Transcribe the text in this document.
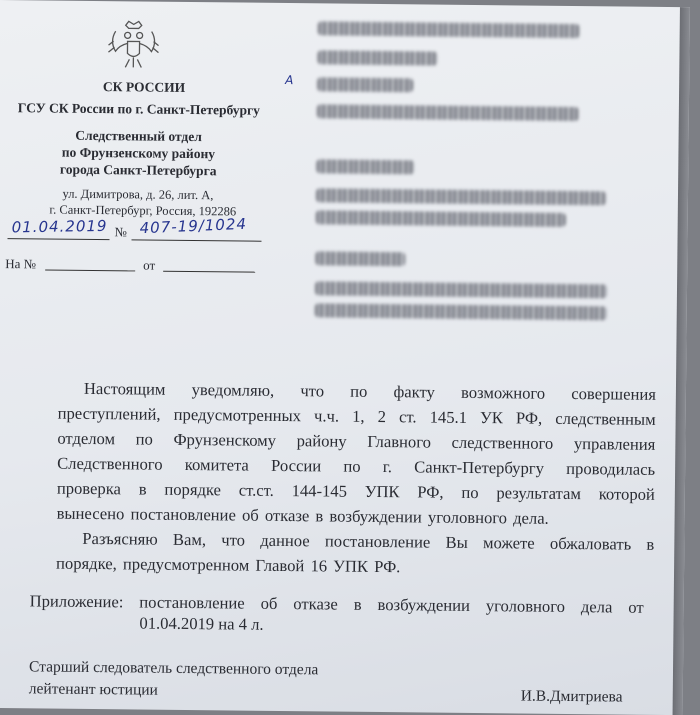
СК РОССИИ
ГСУ СК России по г. Санкт-Петербургу
Следственный отдел
по Фрунзенскому району
города Санкт-Петербурга
ул. Димитрова, д. 26, лит. А,
г. Санкт-Петербург, Россия, 192286
01.04.2019 № 407-19/1024
На №	от
А
Настоящим уведомляю, что по факту возможного совершения
преступлений, предусмотренных ч.ч. 1, 2 ст. 145.1 УК РФ, следственным
отделом по Фрунзенскому району Главного следственного управления
Следственного комитета России по г. Санкт-Петербургу проводилась
проверка в порядке ст.ст. 144-145 УПК РФ, по результатам которой
вынесено постановление об отказе в возбуждении уголовного дела.
Разъясняю Вам, что данное постановление Вы можете обжаловать в
порядке, предусмотренном Главой 16 УПК РФ.
Приложение: постановление об отказе в возбуждении уголовного дела от
01.04.2019 на 4 л.
Старший следователь следственного отдела
лейтенант юстиции	И.В.Дмитриева
